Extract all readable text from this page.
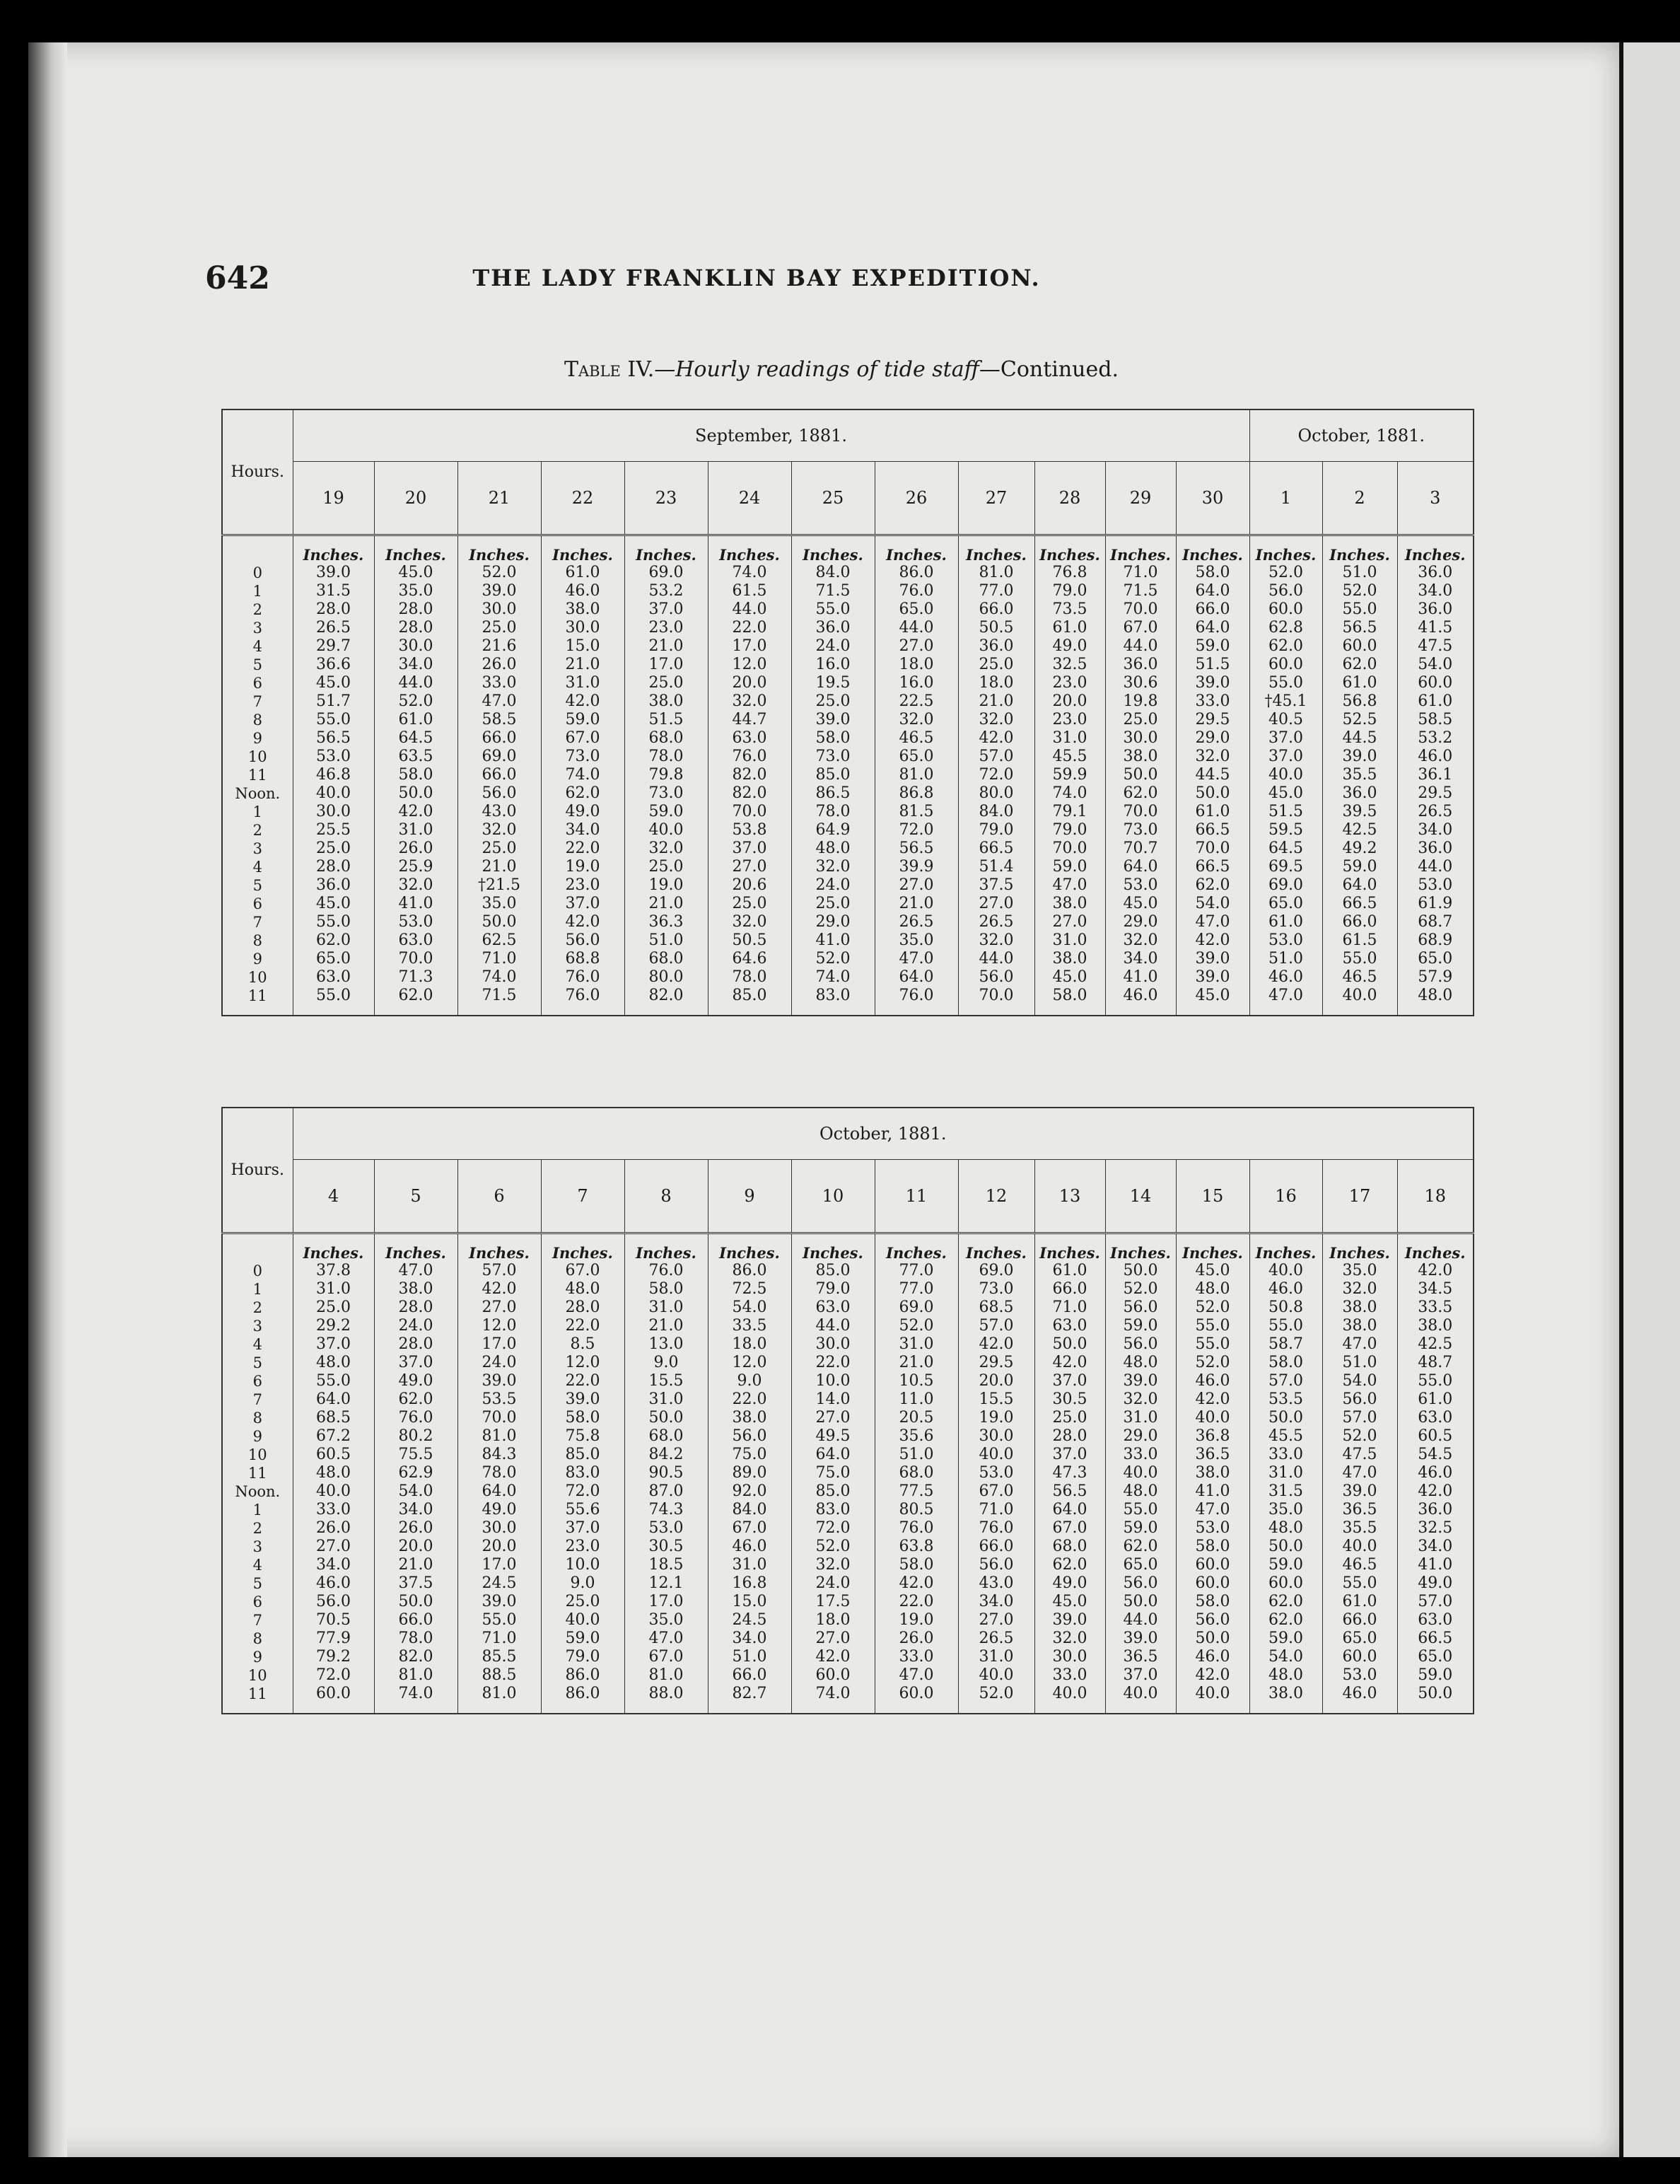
642	THE LADY FRANKLIN BAY EXPEDITION.
Table IV.—Hourly readings of tide staff—Continued.
Hours.	September, 1881.												October, 1881.		
	19	20	21	22	23	24	25	26	27	28	29	30	1	2	3
	Inches.	Inches.	Inches.	Inches.	Inches.	Inches.	Inches.	Inches.	Inches.	Inches.	Inches.	Inches.	Inches.	Inches.	Inches.
0	39.0	45.0	52.0	61.0	69.0	74.0	84.0	86.0	81.0	76.8	71.0	58.0	52.0	51.0	36.0
1	31.5	35.0	39.0	46.0	53.2	61.5	71.5	76.0	77.0	79.0	71.5	64.0	56.0	52.0	34.0
2	28.0	28.0	30.0	38.0	37.0	44.0	55.0	65.0	66.0	73.5	70.0	66.0	60.0	55.0	36.0
3	26.5	28.0	25.0	30.0	23.0	22.0	36.0	44.0	50.5	61.0	67.0	64.0	62.8	56.5	41.5
4	29.7	30.0	21.6	15.0	21.0	17.0	24.0	27.0	36.0	49.0	44.0	59.0	62.0	60.0	47.5
5	36.6	34.0	26.0	21.0	17.0	12.0	16.0	18.0	25.0	32.5	36.0	51.5	60.0	62.0	54.0
6	45.0	44.0	33.0	31.0	25.0	20.0	19.5	16.0	18.0	23.0	30.6	39.0	55.0	61.0	60.0
7	51.7	52.0	47.0	42.0	38.0	32.0	25.0	22.5	21.0	20.0	19.8	33.0	†45.1	56.8	61.0
8	55.0	61.0	58.5	59.0	51.5	44.7	39.0	32.0	32.0	23.0	25.0	29.5	40.5	52.5	58.5
9	56.5	64.5	66.0	67.0	68.0	63.0	58.0	46.5	42.0	31.0	30.0	29.0	37.0	44.5	53.2
10	53.0	63.5	69.0	73.0	78.0	76.0	73.0	65.0	57.0	45.5	38.0	32.0	37.0	39.0	46.0
11	46.8	58.0	66.0	74.0	79.8	82.0	85.0	81.0	72.0	59.9	50.0	44.5	40.0	35.5	36.1
Noon.	40.0	50.0	56.0	62.0	73.0	82.0	86.5	86.8	80.0	74.0	62.0	50.0	45.0	36.0	29.5
1	30.0	42.0	43.0	49.0	59.0	70.0	78.0	81.5	84.0	79.1	70.0	61.0	51.5	39.5	26.5
2	25.5	31.0	32.0	34.0	40.0	53.8	64.9	72.0	79.0	79.0	73.0	66.5	59.5	42.5	34.0
3	25.0	26.0	25.0	22.0	32.0	37.0	48.0	56.5	66.5	70.0	70.7	70.0	64.5	49.2	36.0
4	28.0	25.9	21.0	19.0	25.0	27.0	32.0	39.9	51.4	59.0	64.0	66.5	69.5	59.0	44.0
5	36.0	32.0	†21.5	23.0	19.0	20.6	24.0	27.0	37.5	47.0	53.0	62.0	69.0	64.0	53.0
6	45.0	41.0	35.0	37.0	21.0	25.0	25.0	21.0	27.0	38.0	45.0	54.0	65.0	66.5	61.9
7	55.0	53.0	50.0	42.0	36.3	32.0	29.0	26.5	26.5	27.0	29.0	47.0	61.0	66.0	68.7
8	62.0	63.0	62.5	56.0	51.0	50.5	41.0	35.0	32.0	31.0	32.0	42.0	53.0	61.5	68.9
9	65.0	70.0	71.0	68.8	68.0	64.6	52.0	47.0	44.0	38.0	34.0	39.0	51.0	55.0	65.0
10	63.0	71.3	74.0	76.0	80.0	78.0	74.0	64.0	56.0	45.0	41.0	39.0	46.0	46.5	57.9
11	55.0	62.0	71.5	76.0	82.0	85.0	83.0	76.0	70.0	58.0	46.0	45.0	47.0	40.0	48.0
Hours.	October, 1881.														
	4	5	6	7	8	9	10	11	12	13	14	15	16	17	18
	Inches.	Inches.	Inches.	Inches.	Inches.	Inches.	Inches.	Inches.	Inches.	Inches.	Inches.	Inches.	Inches.	Inches.	Inches.
0	37.8	47.0	57.0	67.0	76.0	86.0	85.0	77.0	69.0	61.0	50.0	45.0	40.0	35.0	42.0
1	31.0	38.0	42.0	48.0	58.0	72.5	79.0	77.0	73.0	66.0	52.0	48.0	46.0	32.0	34.5
2	25.0	28.0	27.0	28.0	31.0	54.0	63.0	69.0	68.5	71.0	56.0	52.0	50.8	38.0	33.5
3	29.2	24.0	12.0	22.0	21.0	33.5	44.0	52.0	57.0	63.0	59.0	55.0	55.0	38.0	38.0
4	37.0	28.0	17.0	8.5	13.0	18.0	30.0	31.0	42.0	50.0	56.0	55.0	58.7	47.0	42.5
5	48.0	37.0	24.0	12.0	9.0	12.0	22.0	21.0	29.5	42.0	48.0	52.0	58.0	51.0	48.7
6	55.0	49.0	39.0	22.0	15.5	9.0	10.0	10.5	20.0	37.0	39.0	46.0	57.0	54.0	55.0
7	64.0	62.0	53.5	39.0	31.0	22.0	14.0	11.0	15.5	30.5	32.0	42.0	53.5	56.0	61.0
8	68.5	76.0	70.0	58.0	50.0	38.0	27.0	20.5	19.0	25.0	31.0	40.0	50.0	57.0	63.0
9	67.2	80.2	81.0	75.8	68.0	56.0	49.5	35.6	30.0	28.0	29.0	36.8	45.5	52.0	60.5
10	60.5	75.5	84.3	85.0	84.2	75.0	64.0	51.0	40.0	37.0	33.0	36.5	33.0	47.5	54.5
11	48.0	62.9	78.0	83.0	90.5	89.0	75.0	68.0	53.0	47.3	40.0	38.0	31.0	47.0	46.0
Noon.	40.0	54.0	64.0	72.0	87.0	92.0	85.0	77.5	67.0	56.5	48.0	41.0	31.5	39.0	42.0
1	33.0	34.0	49.0	55.6	74.3	84.0	83.0	80.5	71.0	64.0	55.0	47.0	35.0	36.5	36.0
2	26.0	26.0	30.0	37.0	53.0	67.0	72.0	76.0	76.0	67.0	59.0	53.0	48.0	35.5	32.5
3	27.0	20.0	20.0	23.0	30.5	46.0	52.0	63.8	66.0	68.0	62.0	58.0	50.0	40.0	34.0
4	34.0	21.0	17.0	10.0	18.5	31.0	32.0	58.0	56.0	62.0	65.0	60.0	59.0	46.5	41.0
5	46.0	37.5	24.5	9.0	12.1	16.8	24.0	42.0	43.0	49.0	56.0	60.0	60.0	55.0	49.0
6	56.0	50.0	39.0	25.0	17.0	15.0	17.5	22.0	34.0	45.0	50.0	58.0	62.0	61.0	57.0
7	70.5	66.0	55.0	40.0	35.0	24.5	18.0	19.0	27.0	39.0	44.0	56.0	62.0	66.0	63.0
8	77.9	78.0	71.0	59.0	47.0	34.0	27.0	26.0	26.5	32.0	39.0	50.0	59.0	65.0	66.5
9	79.2	82.0	85.5	79.0	67.0	51.0	42.0	33.0	31.0	30.0	36.5	46.0	54.0	60.0	65.0
10	72.0	81.0	88.5	86.0	81.0	66.0	60.0	47.0	40.0	33.0	37.0	42.0	48.0	53.0	59.0
11	60.0	74.0	81.0	86.0	88.0	82.7	74.0	60.0	52.0	40.0	40.0	40.0	38.0	46.0	50.0
